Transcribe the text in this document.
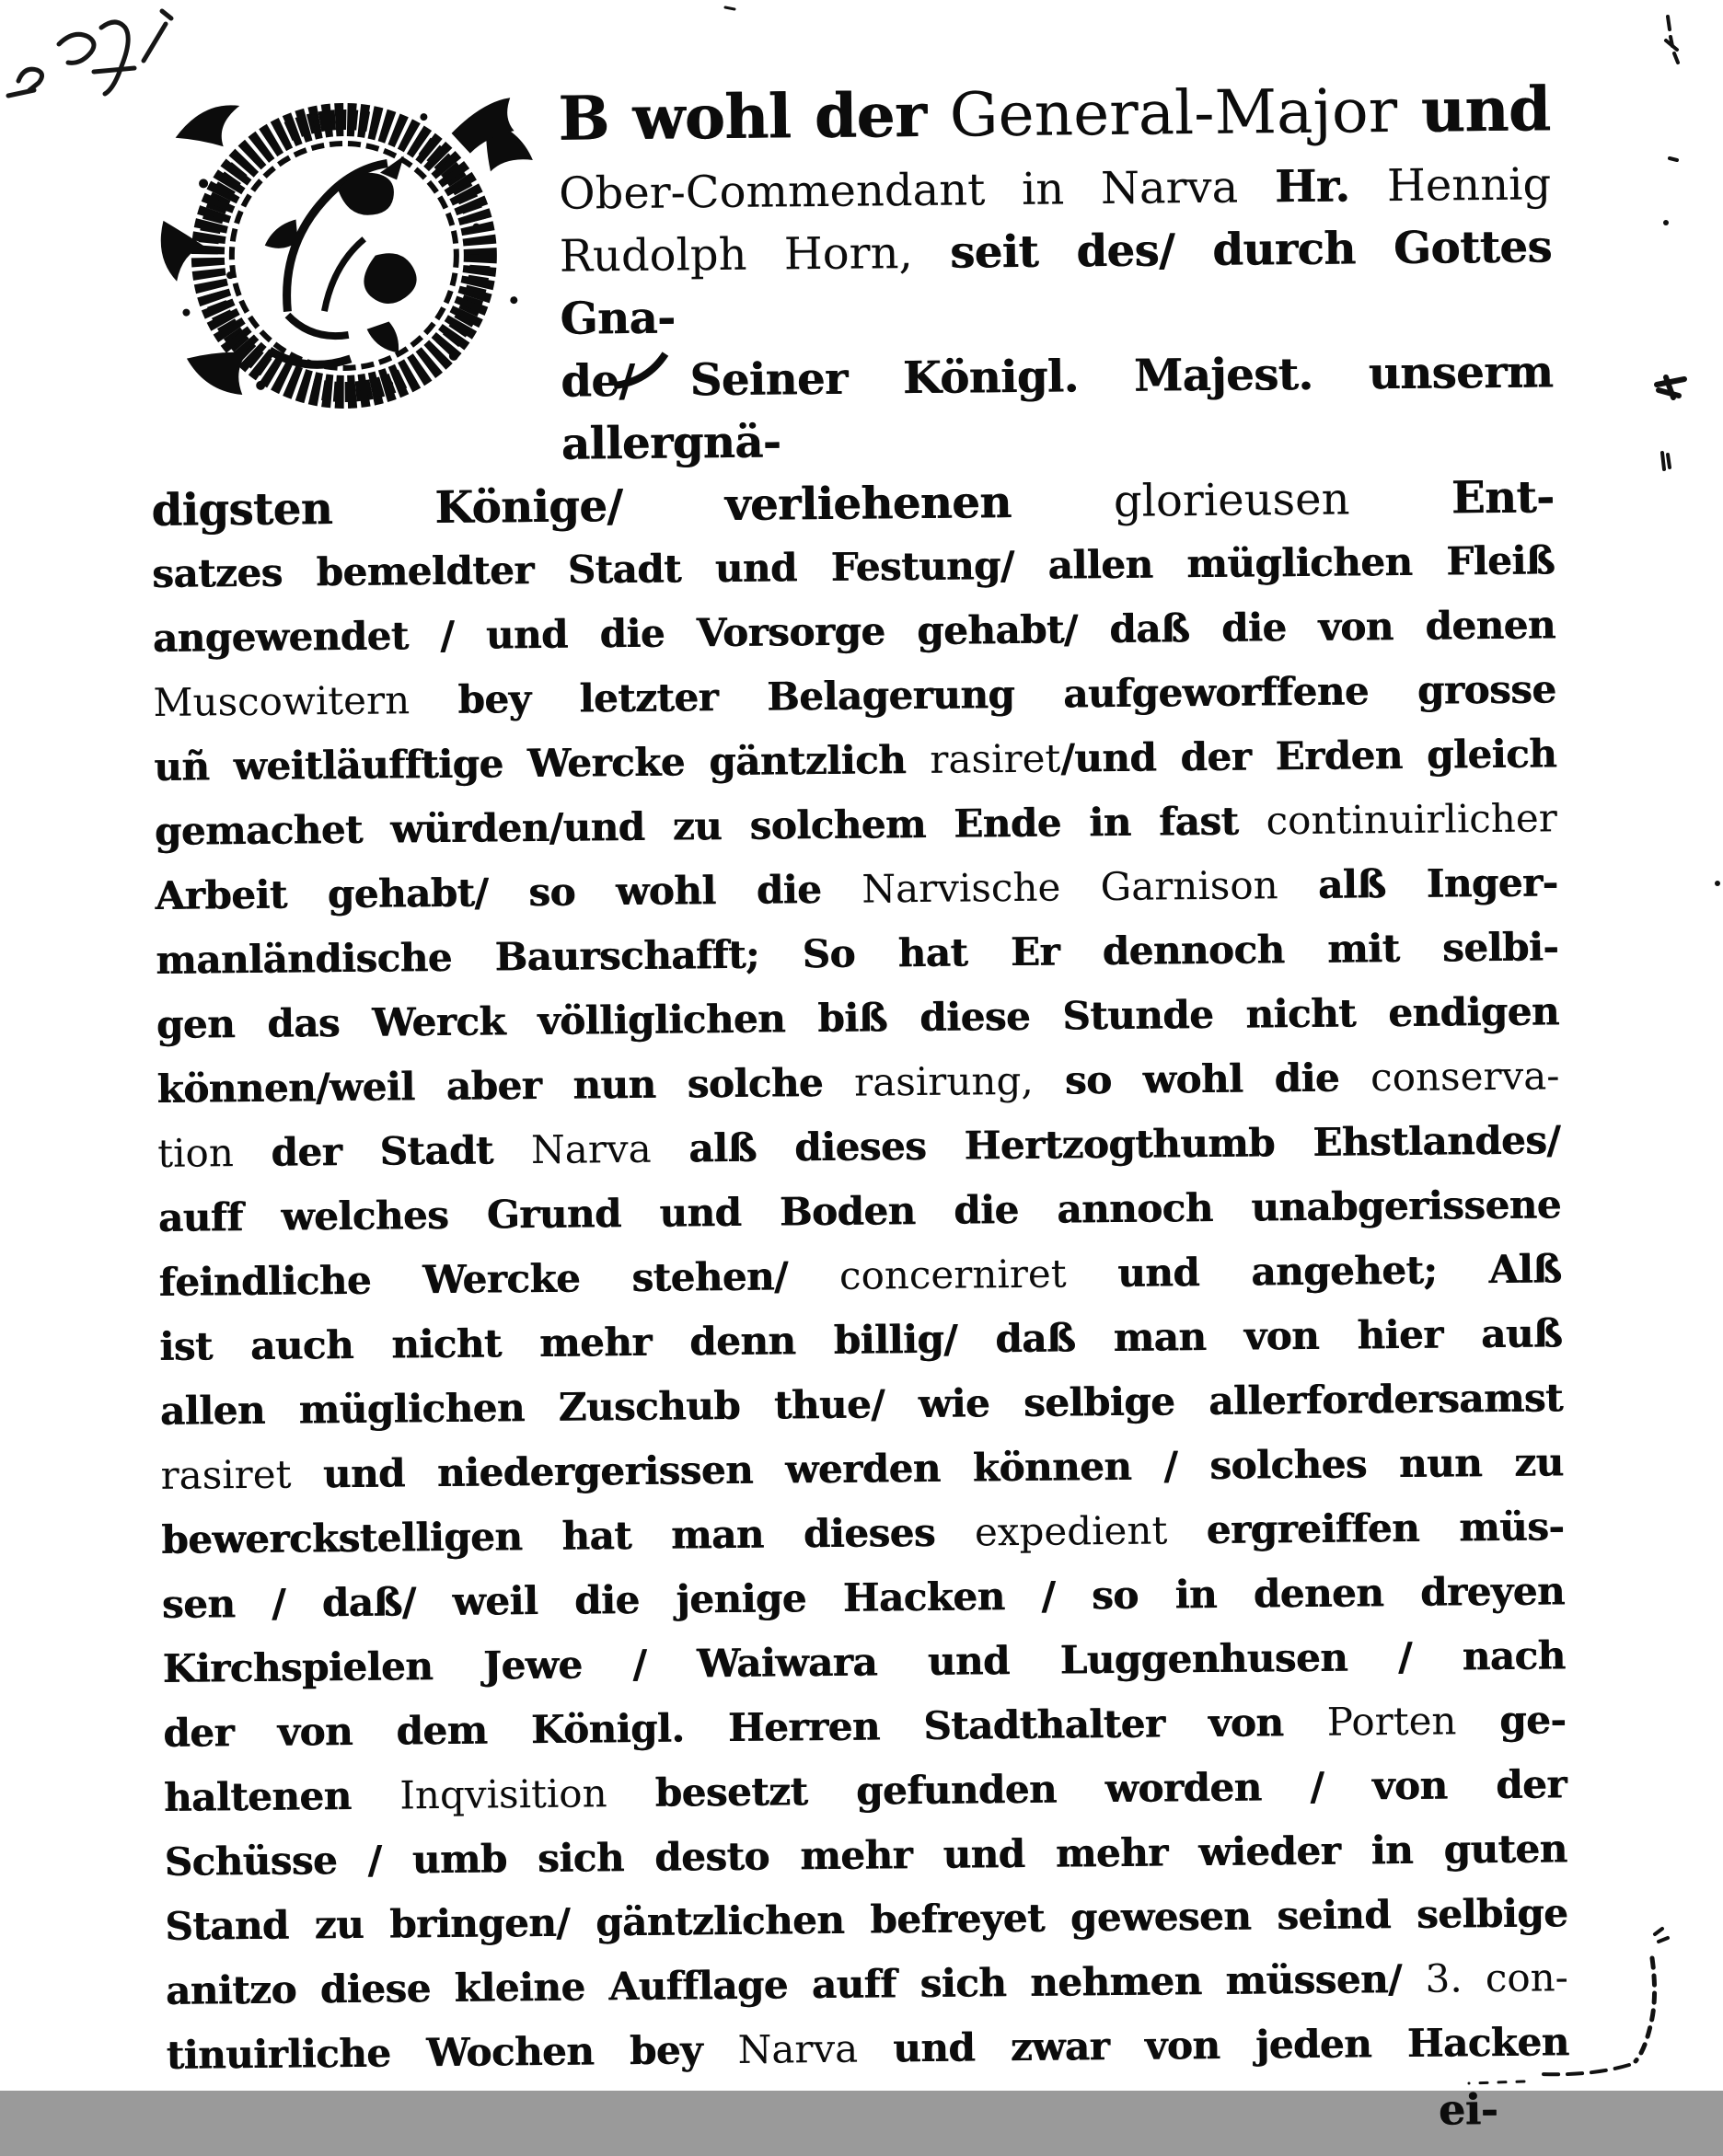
B wohl der General-Major und
Ober-Commendant in Narva Hr. Hennig
Rudolph Horn, seit des/ durch Gottes Gna-
de/ Seiner Königl. Majest. unserm allergnä-
digsten Könige/ verliehenen glorieusen Ent-
satzes bemeldter Stadt und Festung/ allen müglichen Fleiß
angewendet / und die Vorsorge gehabt/ daß die von denen
Muscowitern bey letzter Belagerung aufgeworffene grosse
uñ weitläufftige Wercke gäntzlich rasiret/und der Erden gleich
gemachet würden/und zu solchem Ende in fast continuirlicher
Arbeit gehabt/ so wohl die Narvische Garnison alß Inger-
manländische Baurschafft; So hat Er dennoch mit selbi-
gen das Werck völliglichen biß diese Stunde nicht endigen
können/weil aber nun solche rasirung, so wohl die conserva-
tion der Stadt Narva alß dieses Hertzogthumb Ehstlandes/
auff welches Grund und Boden die annoch unabgerissene
feindliche Wercke stehen/ concerniret und angehet; Alß
ist auch nicht mehr denn billig/ daß man von hier auß
allen müglichen Zuschub thue/ wie selbige allerfordersamst
rasiret und niedergerissen werden können / solches nun zu
bewerckstelligen hat man dieses expedient ergreiffen müs-
sen / daß/ weil die jenige Hacken / so in denen dreyen
Kirchspielen Jewe / Waiwara und Luggenhusen / nach
der von dem Königl. Herren Stadthalter von Porten ge-
haltenen Inqvisition besetzt gefunden worden / von der
Schüsse / umb sich desto mehr und mehr wieder in guten
Stand zu bringen/ gäntzlichen befreyet gewesen seind selbige
anitzo diese kleine Aufflage auff sich nehmen müssen/ 3. con-
tinuirliche Wochen bey Narva und zwar von jeden Hacken
ei-
